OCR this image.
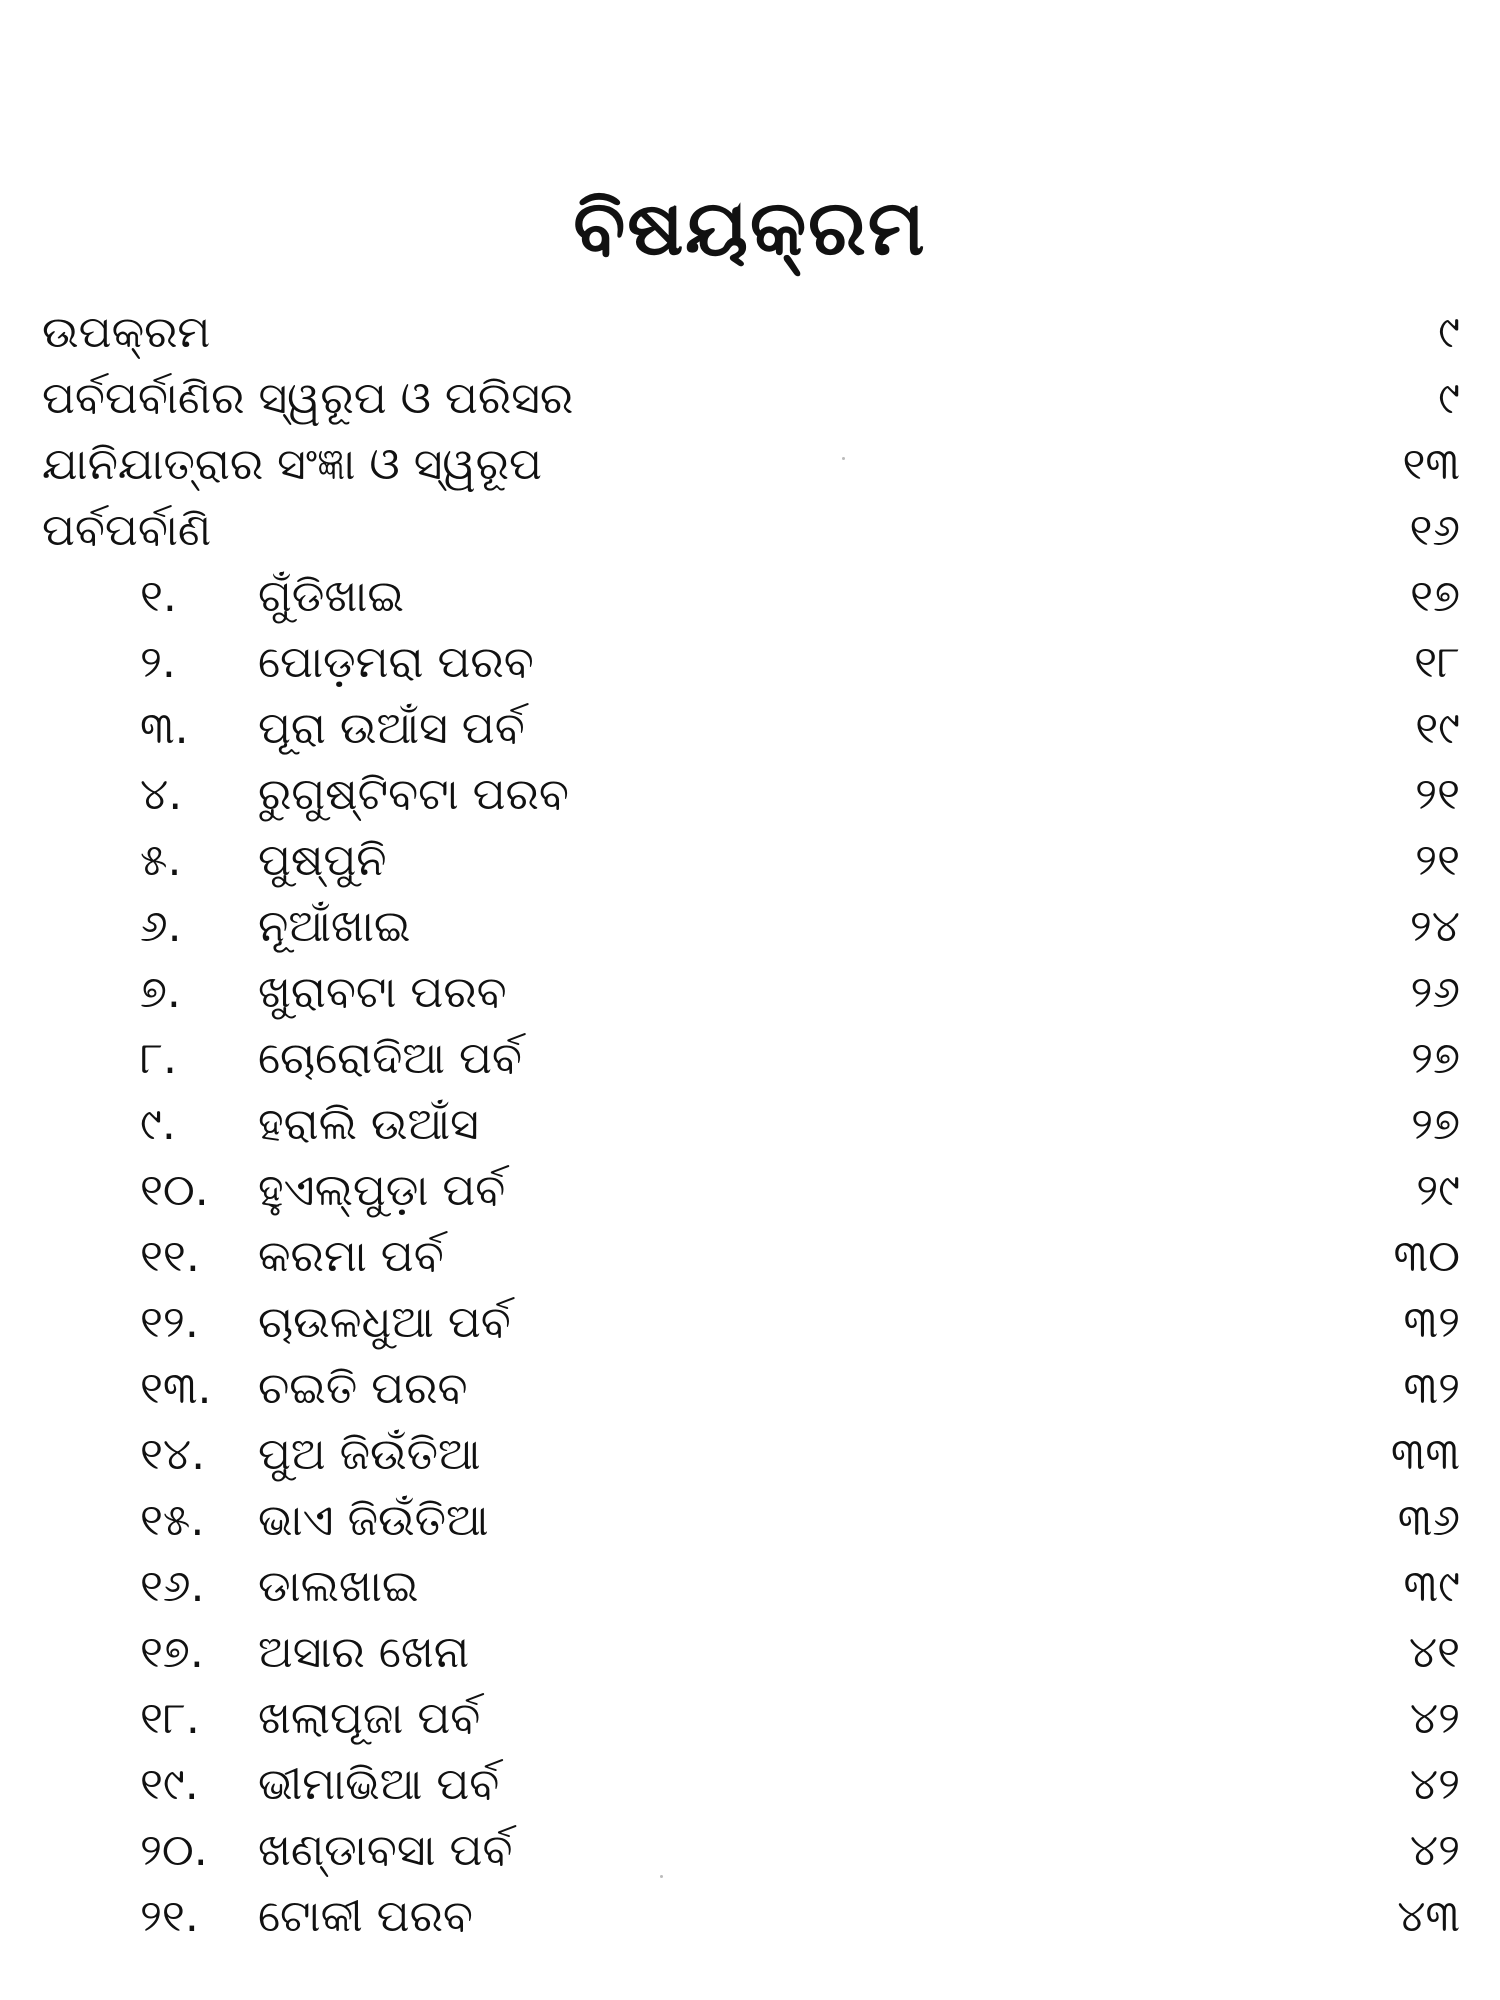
ବିଷୟକ୍ରମ
ଉପକ୍ରମ	୯
ପର୍ବପର୍ବାଣିର ସ୍ୱରୂପ ଓ ପରିସର	୯
ଯାନିଯାତ୍ରାର ସଂଜ୍ଞା ଓ ସ୍ୱରୂପ	୧୩
ପର୍ବପର୍ବାଣି	୧୬
୧.	ଗୁଁଡିଖାଇ	୧୭
୨.	ପୋଡ଼ମରା ପରବ	୧୮
୩.	ପୂରା ଉଆଁସ ପର୍ବ	୧୯
୪.	ରୁଗୁଷ୍ଟିବଟା ପରବ	୨୧
୫.	ପୁଷ୍ପୁନି	୨୧
୬.	ନୂଆଁଖାଇ	୨୪
୭.	ଖୁରାବଟା ପରବ	୨୬
୮.	ଚୋରୋଦିଆ ପର୍ବ	୨୭
୯.	ହରାଲି ଉଆଁସ	୨୭
୧୦.	ହୁଏଲ୍‌ପୁଡ଼ା ପର୍ବ	୨୯
୧୧.	କରମା ପର୍ବ	୩୦
୧୨.	ଚାଉଳଧୁଆ ପର୍ବ	୩୨
୧୩.	ଚଇତି ପରବ	୩୨
୧୪.	ପୁଅ ଜିଉଁତିଆ	୩୩
୧୫.	ଭାଏ ଜିଉଁତିଆ	୩୬
୧୬.	ଡାଲଖାଇ	୩୯
୧୭.	ଅସାର ଖେନା	୪୧
୧୮.	ଖଲାପୂଜା ପର୍ବ	୪୨
୧୯.	ଭୀମାଭିଆ ପର୍ବ	୪୨
୨୦.	ଖଣ୍ଡାବସା ପର୍ବ	୪୨
୨୧.	ଟୋକୀ ପରବ	୪୩
